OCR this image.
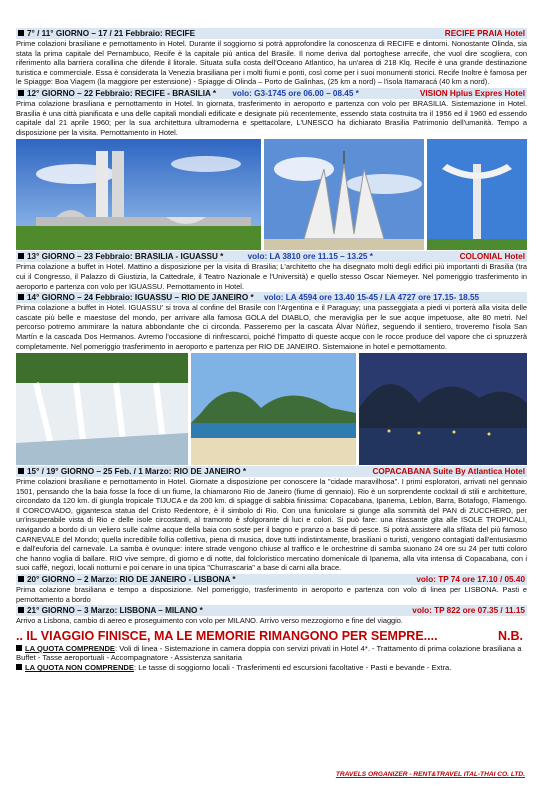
7° / 11° GIORNO – 17 / 21 Febbraio: RECIFE	RECIFE PRAIA Hotel

Prime colazioni brasiliane e pernottamento in Hotel. Durante il soggiorno si potrà approfondire la conoscenza di RECIFE e dintorni. Nonostante Olinda, sia stata la prima capitale del Pernambuco, Recife è la capitale più antica del Brasile. Il nome deriva dal portoghese arrecife, che vuol dire scogliera, con riferimento alla barriera corallina che difende il litorale. Situata sulla costa dell'Oceano Atlantico, ha un'area di 218 Klq. Recife è una grande destinazione turistica e commerciale. Essa è considerata la Venezia brasiliana per i molti fiumi e ponti, così come per i suoi monumenti storici. Recife Inoltre è famosa per le Spiagge: Boa Viagem (la maggiore per estensione) - Spiagge di Olinda – Porto de Galinhas, (25 km a nord) – l'isola Itamaracá (40 km a nord).

12° GIORNO – 22 Febbraio: RECIFE - BRASILIA * volo: G3-1745 ore 06.00 – 08.45 *	VISION Hplus Expres Hotel

Prima colazione brasiliana e pernottamento in Hotel. In giornata, trasferimento in aeroporto e partenza con volo per BRASILIA. Sistemazione in Hotel. Brasilia è una città pianificata e una delle capitali mondiali edificate e designate più recentemente, essendo stata costruita tra il 1956 ed il 1960 ed essendo capitale dal 21 aprile 1960; per la sua architettura ultramoderna e spettacolare, L'UNESCO ha dichiarato Brasilia Patrimonio dell'umanità. Tempo a disposizione per la visita. Pernottamento in Hotel.

13° GIORNO – 23 Febbraio: BRASILIA - IGUASSU *	volo: LA 3810 ore 11.15 – 13.25 *	COLONIAL Hotel

Prima colazione a buffet in Hotel. Mattino a disposizione per la visita di Brasilia; L'architetto che ha disegnato molti degli edifici più importanti di Brasilia (tra cui il Congresso, il Palazzo di Giustizia, la Cattedrale, il Teatro Nazionale e l'Università) e quello stesso Oscar Niemeyer. Nel pomeriggio trasferimento in aeroporto e partenza con volo per IGUASSU. Pernottamento in Hotel.

14° GIORNO – 24 Febbraio: IGUASSU – RIO DE JANEIRO * volo: LA 4594 ore 13.40 15-45 / LA 4727 ore 17.15- 18.55

Prima colazione a buffet in Hotel. IGUASSU' si trova al confine del Brasile con l'Argentina e il Paraguay; una passeggiata a piedi vi porterà alla visita delle cascate più belle e maestose del mondo, per arrivare alla famosa GOLA del DIABLO, che meravigliа per le sue acque impetuose, alte 80 metri. Nel percorso potremo ammirare la natura abbondante che ci circonda. Passeremo per la cascata Álvar Núñez, seguendo il sentiero, troveremo l'isola San Martín e la cascada Dos Hermanos. Avremo l'occasione di rinfrescarci, poiché l'impatto di queste acque con le rocce produce del vapore che ci spruzzerà completamente. Nel pomeriggio trasferimento in aeroporto e partenza per RIO DE JANEIRO. Sistemaione in hotel e pernottamento.

15° / 19° GIORNO – 25 Feb. / 1 Marzo: RIO DE JANEIRO *	COPACABANA Suite By Atlantica Hotel

Prime colazioni brasiliane e pernottamento in Hotel. Giornate a disposizione per conoscere la "cidade maravilhosa". I primi esploratori, arrivati nel gennaio 1501, pensando che la baia fosse la foce di un fiume, la chiamarono Rio de Janeiro (fiume di gennaio). Rio è un sorprendente cocktail di stili e architetture, circondato da 120 km. di giungla tropicale TIJUCA e da 200 km. di spiagge di sabbia finissima: Copacabana, Ipanema, Leblon, Barra, Botafogo, Flamengo. Il CORCOVADO, gigantesca statua del Cristo Redentore, è il simbolo di Rio. Con una funicolare si giunge alla sommità del PAN di ZUCCHERO, per un'insuperabile vista di Rio e delle isole circostanti, al tramonto è sfolgorante di luci e colori. Si può fare: una rilassante gita alle ISOLE TROPICALI, navigando a bordo di un veliero sulle calme acque della baia con soste per il bagno e pranzo a base di pesce. Si potrà assistere alla sfilata del più famoso CARNEVALE del Mondo; quella incredibile follia collettiva, piena di musica, dove tutti indistintamente, brasiliani o turisti, vengono contagiati dall'entusiasmo e dall'euforia del carnevale. La samba è ovunque: intere strade vengono chiuse al traffico e le orchestrine di samba suonano 24 ore su 24 per tutti coloro che hanno voglia di ballare. RIO vive sempre, di giorno e di notte, dal folcloristico mercatino domenicale di Ipanema, alla vita intensa di Copacabana, con i suoi caffè, negozi, locali notturni e poi cenare in una tipica "Churrascaria" a base di carni alla brace.

20° GIORNO – 2 Marzo: RIO DE JANEIRO - LISBONA *	volo: TP 74 ore 17.10 / 05.40

Prima colazione brasiliana e tempo a disposizione. Nel pomeriggio, trasferimento in aeroporto e partenza con volo di linea per LISBONA. Pasti e pernottamento a bordo

21° GIORNO – 3 Marzo: LISBONA – MILANO *	volo: TP 822 ore 07.35 / 11.15

Arrivo a Lisbona, cambio di aereo e proseguimento con volo per MILANO. Arrivo verso mezzogiorno e fine del viaggio.

.. IL VIAGGIO FINISCE, MA LE MEMORIE RIMANGONO PER SEMPRE....	N.B.

LA QUOTA COMPRENDE: Voli di linea - Sistemazione in camera doppia con servizi privati in Hotel 4*. - Trattamento di prima colazione brasiliana a Buffet - Tasse aeroportuali - Accompagnatore - Assistenza sanitaria

LA QUOTA NON COMPRENDE: Le tasse di soggiorno locali - Trasferimenti ed escursioni facoltative - Pasti e bevande - Extra.

TRAVELS ORGANIZER - RENT&TRAVEL ITAL-THAI CO. LTD.
